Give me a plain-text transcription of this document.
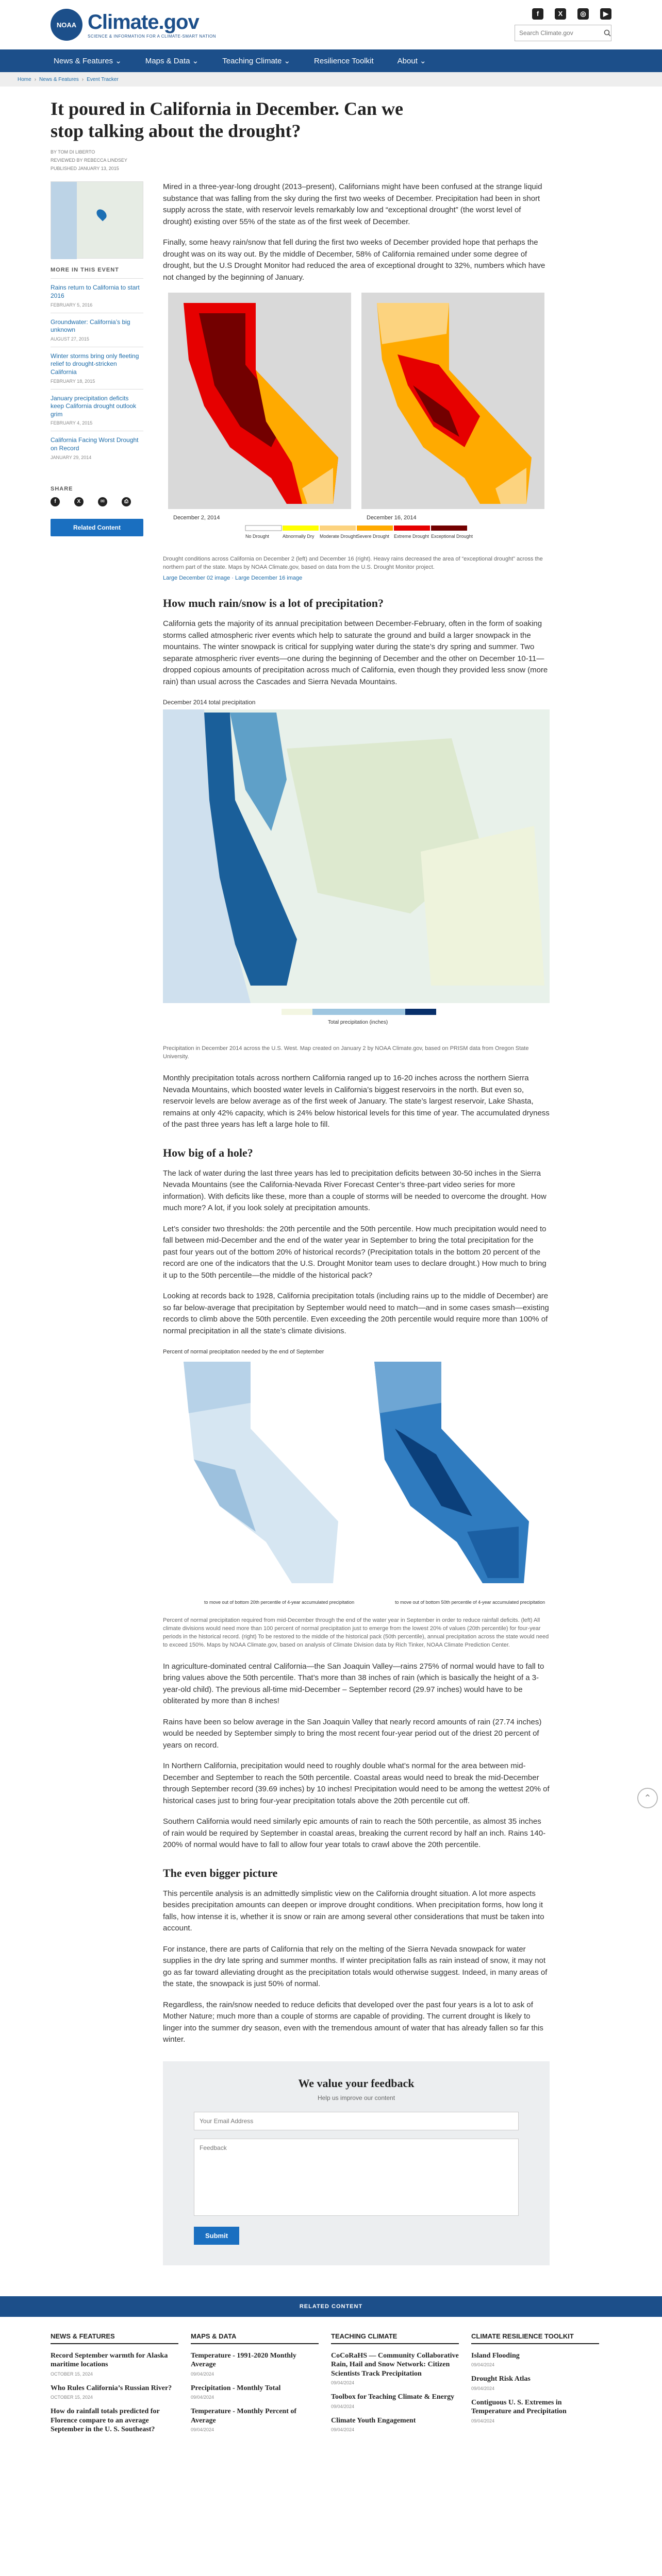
NOAA Climate.gov
SCIENCE & INFORMATION FOR A CLIMATE-SMART NATION
f	X	◎	▶
Search Climate.gov
News & Features ⌄	Maps & Data ⌄	Teaching Climate ⌄	Resilience Toolkit	About ⌄
Home › News & Features › Event Tracker
It poured in California in December. Can we stop talking about the drought?
BY TOM DI LIBERTO
REVIEWED BY REBECCA LINDSEY
PUBLISHED JANUARY 13, 2015
MORE IN THIS EVENT
Rains return to California to start 2016
FEBRUARY 5, 2016
Groundwater: California’s big unknown
AUGUST 27, 2015
Winter storms bring only fleeting relief to drought-stricken California
FEBRUARY 18, 2015
January precipitation deficits keep California drought outlook grim
FEBRUARY 4, 2015
California Facing Worst Drought on Record
JANUARY 29, 2014
SHARE
f	X	✉	⎙
Related Content

Mired in a three-year-long drought (2013–present), Californians might have been confused at the strange liquid substance that was falling from the sky during the first two weeks of December. Precipitation had been in short supply across the state, with reservoir levels remarkably low and “exceptional drought” (the worst level of drought) existing over 55% of the state as of the first week of December.

Finally, some heavy rain/snow that fell during the first two weeks of December provided hope that perhaps the drought was on its way out. By the middle of December, 58% of California remained under some degree of drought, but the U.S Drought Monitor had reduced the area of exceptional drought to 32%, numbers which have not changed by the beginning of January.

December 2, 2014	December 16, 2014
No Drought	Abnormally Dry Moderate Drought Severe Drought Extreme Drought Exceptional Drought
Drought conditions across California on December 2 (left) and December 16 (right). Heavy rains decreased the area of “exceptional drought” across the northern part of the state. Maps by NOAA Climate.gov, based on data from the U.S. Drought Monitor project.
Large December 02 image · Large December 16 image
How much rain/snow is a lot of precipitation?

California gets the majority of its annual precipitation between December-February, often in the form of soaking storms called atmospheric river events which help to saturate the ground and build a larger snowpack in the mountains. The winter snowpack is critical for supplying water during the state’s dry spring and summer. Two separate atmospheric river events—one during the beginning of December and the other on December 10-11—dropped copious amounts of precipitation across much of California, even though they provided less snow (more rain) than usual across the Cascades and Sierra Nevada Mountains.

December 2014 total precipitation
Total precipitation (inches)
Precipitation in December 2014 across the U.S. West. Map created on January 2 by NOAA Climate.gov, based on PRISM data from Oregon State University.

Monthly precipitation totals across northern California ranged up to 16-20 inches across the northern Sierra Nevada Mountains, which boosted water levels in California’s biggest reservoirs in the north. But even so, reservoir levels are below average as of the first week of January. The state’s largest reservoir, Lake Shasta, remains at only 42% capacity, which is 24% below historical levels for this time of year. The accumulated dryness of the past three years has left a large hole to fill.

How big of a hole?

The lack of water during the last three years has led to precipitation deficits between 30-50 inches in the Sierra Nevada Mountains (see the California-Nevada River Forecast Center’s three-part video series for more information). With deficits like these, more than a couple of storms will be needed to overcome the drought. How much more? A lot, if you look solely at precipitation amounts.

Let’s consider two thresholds: the 20th percentile and the 50th percentile. How much precipitation would need to fall between mid-December and the end of the water year in September to bring the total precipitation for the past four years out of the bottom 20% of historical records? (Precipitation totals in the bottom 20 percent of the record are one of the indicators that the U.S. Drought Monitor team uses to declare drought.) How much to bring it up to the 50th percentile—the middle of the historical pack?

Looking at records back to 1928, California precipitation totals (including rains up to the middle of December) are so far below-average that precipitation by September would need to match—and in some cases smash—existing records to climb above the 50th percentile. Even exceeding the 20th percentile would require more than 100% of normal precipitation in all the state’s climate divisions.

Percent of normal precipitation needed by the end of September
to move out of bottom 20th percentile of 4-year accumulated precipitation	to move out of bottom 50th percentile of 4-year accumulated precipitation
Percent of normal precipitation required from mid-December through the end of the water year in September in order to reduce rainfall deficits. (left) All climate divisions would need more than 100 percent of normal precipitation just to emerge from the lowest 20% of values (20th percentile) for four-year periods in the historical record. (right) To be restored to the middle of the historical pack (50th percentile), annual precipitation across the state would need to exceed 150%. Maps by NOAA Climate.gov, based on analysis of Climate Division data by Rich Tinker, NOAA Climate Prediction Center.

In agriculture-dominated central California—the San Joaquin Valley—rains 275% of normal would have to fall to bring values above the 50th percentile. That’s more than 38 inches of rain (which is basically the height of a 3-year-old child). The previous all-time mid-December – September record (29.97 inches) would have to be obliterated by more than 8 inches!

Rains have been so below average in the San Joaquin Valley that nearly record amounts of rain (27.74 inches) would be needed by September simply to bring the most recent four-year period out of the driest 20 percent of years on record.

In Northern California, precipitation would need to roughly double what’s normal for the area between mid-December and September to reach the 50th percentile. Coastal areas would need to break the mid-December through September record (39.69 inches) by 10 inches! Precipitation would need to be among the wettest 20% of historical cases just to bring four-year precipitation totals above the 20th percentile cut off.

Southern California would need similarly epic amounts of rain to reach the 50th percentile, as almost 35 inches of rain would be required by September in coastal areas, breaking the current record by half an inch. Rains 140-200% of normal would have to fall to allow four year totals to crawl above the 20th percentile.

The even bigger picture

This percentile analysis is an admittedly simplistic view on the California drought situation. A lot more aspects besides precipitation amounts can deepen or improve drought conditions. When precipitation forms, how long it falls, how intense it is, whether it is snow or rain are among several other considerations that must be taken into account.

For instance, there are parts of California that rely on the melting of the Sierra Nevada snowpack for water supplies in the dry late spring and summer months. If winter precipitation falls as rain instead of snow, it may not go as far toward alleviating drought as the precipitation totals would otherwise suggest. Indeed, in many areas of the state, the snowpack is just 50% of normal.

Regardless, the rain/snow needed to reduce deficits that developed over the past four years is a lot to ask of Mother Nature; much more than a couple of storms are capable of providing. The current drought is likely to linger into the summer dry season, even with the tremendous amount of water that has already fallen so far this winter.

We value your feedback
Help us improve our content
Your Email Address Feedback Submit
RELATED CONTENT
NEWS & FEATURES
Record September warmth for Alaska maritime locations
OCTOBER 15, 2024
Who Rules California’s Russian River?
OCTOBER 15, 2024
How do rainfall totals predicted for Florence compare to an average September in the U. S. Southeast?
MAPS & DATA
Temperature - 1991-2020 Monthly Average
09/04/2024
Precipitation - Monthly Total
09/04/2024
Temperature - Monthly Percent of Average
09/04/2024
TEACHING CLIMATE
CoCoRaHS — Community Collaborative Rain, Hail and Snow Network: Citizen Scientists Track Precipitation
09/04/2024
Toolbox for Teaching Climate & Energy
09/04/2024
Climate Youth Engagement
09/04/2024
CLIMATE RESILIENCE TOOLKIT
Island Flooding
09/04/2024
Drought Risk Atlas
09/04/2024
Contiguous U. S. Extremes in Temperature and Precipitation
09/04/2024
⌃
